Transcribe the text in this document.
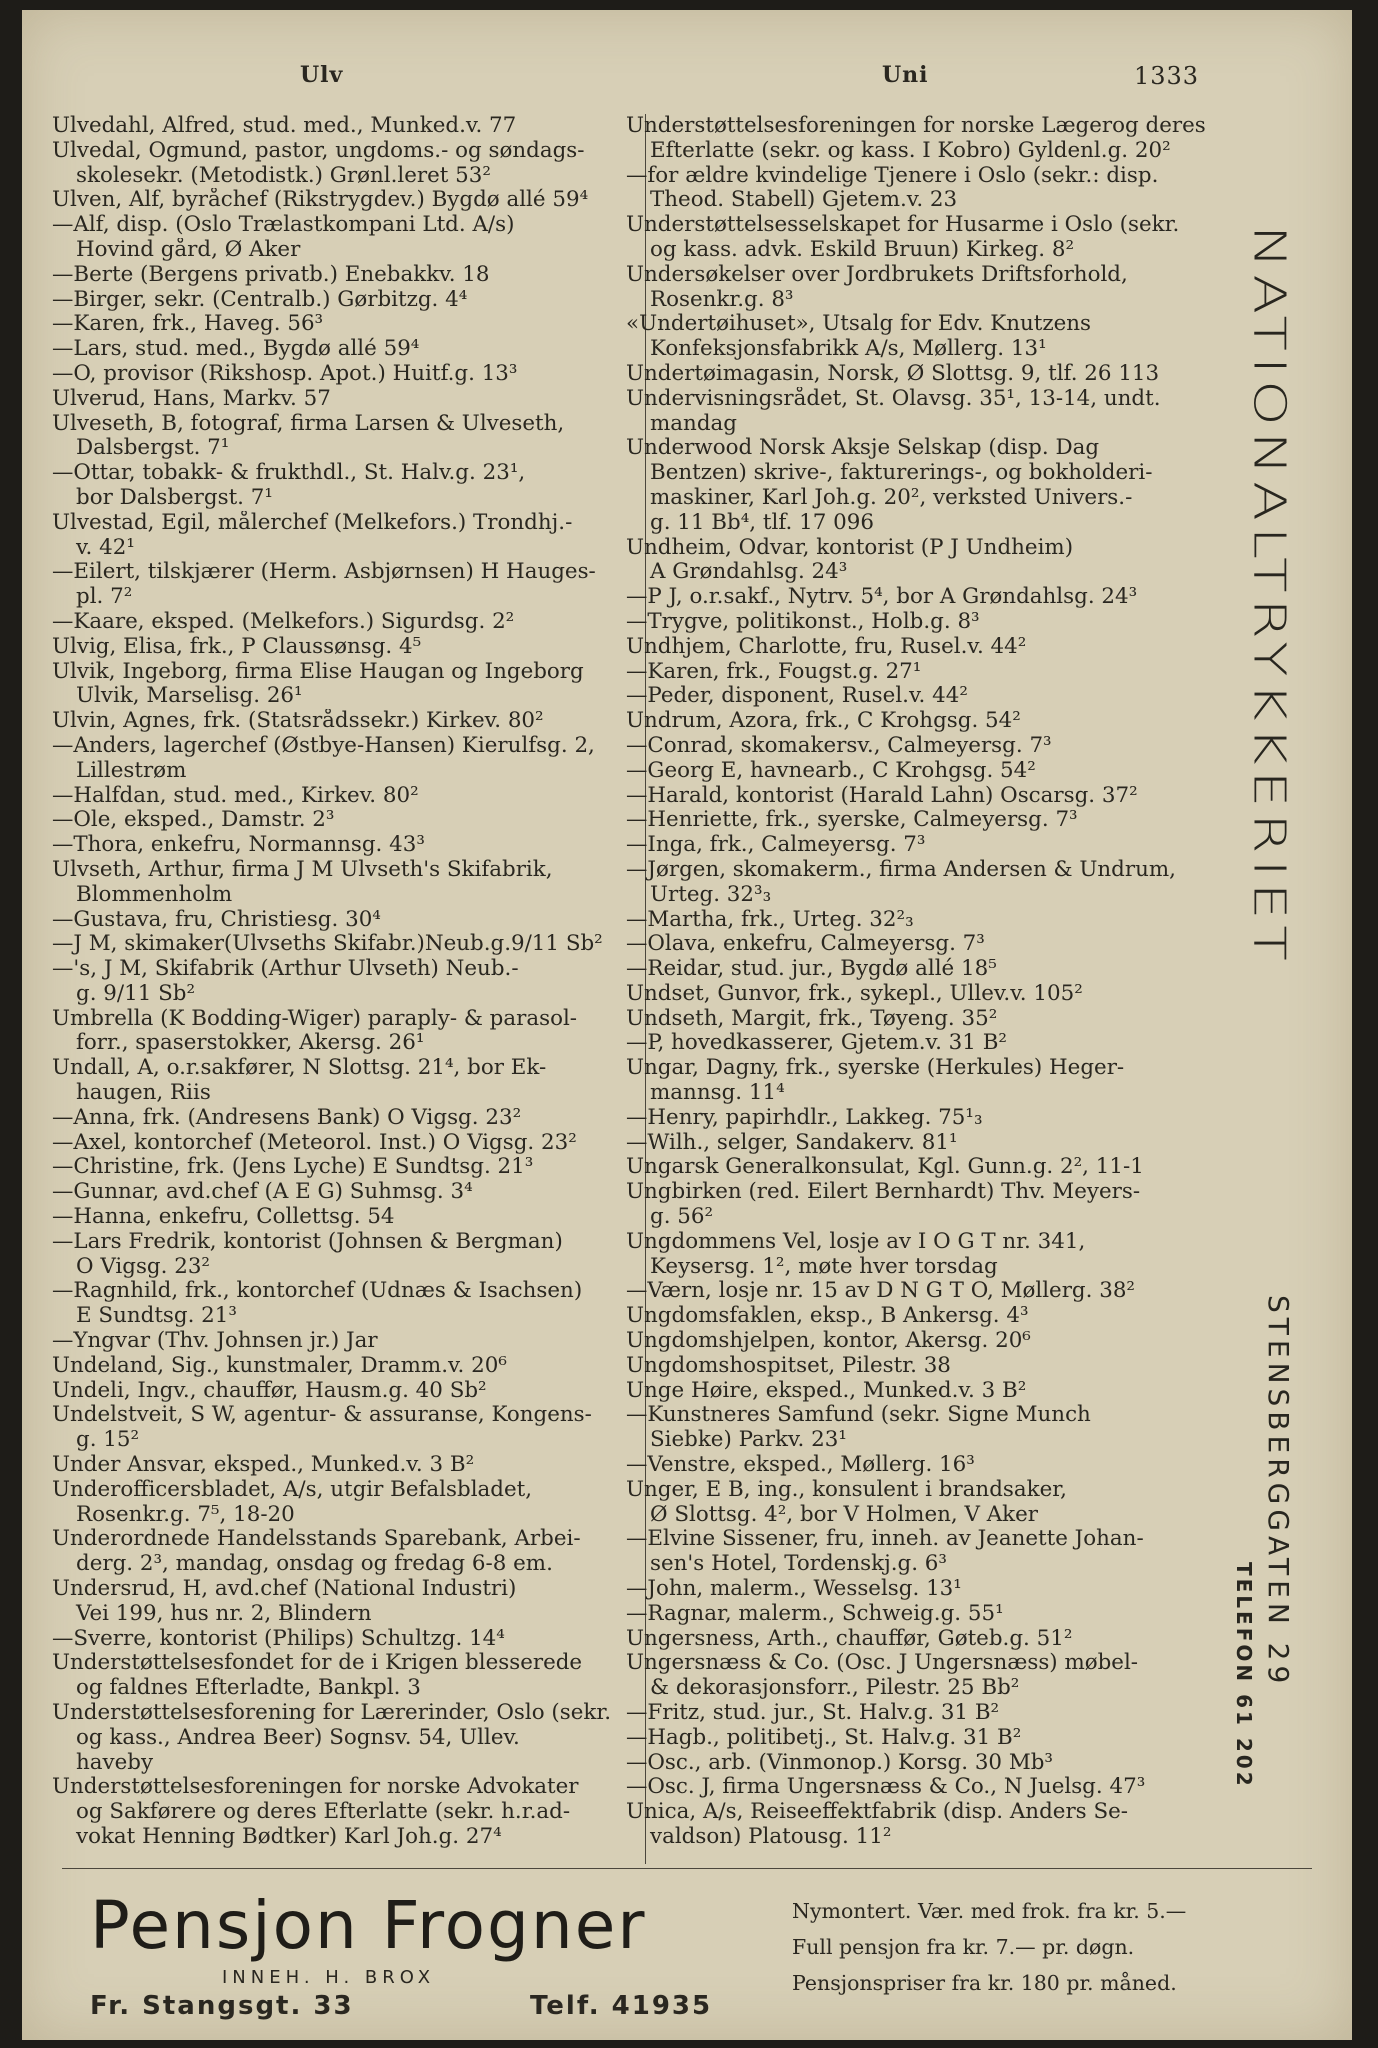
Ulv	Uni	1333
Ulvedahl, Alfred, stud. med., Munked.v. 77
Ulvedal, Ogmund, pastor, ungdoms.- og søndags-
skolesekr. (Metodistk.) Grønl.leret 53²
Ulven, Alf, byråchef (Rikstrygdev.) Bygdø allé 59⁴
—Alf, disp. (Oslo Trælastkompani Ltd. A/s)
Hovind gård, Ø Aker
—Berte (Bergens privatb.) Enebakkv. 18
—Birger, sekr. (Centralb.) Gørbitzg. 4⁴
—Karen, frk., Haveg. 56³
—Lars, stud. med., Bygdø allé 59⁴
—O, provisor (Rikshosp. Apot.) Huitf.g. 13³
Ulverud, Hans, Markv. 57
Ulveseth, B, fotograf, firma Larsen & Ulveseth,
Dalsbergst. 7¹
—Ottar, tobakk- & frukthdl., St. Halv.g. 23¹,
bor Dalsbergst. 7¹
Ulvestad, Egil, målerchef (Melkefors.) Trondhj.-
v. 42¹
—Eilert, tilskjærer (Herm. Asbjørnsen) H Hauges-
pl. 7²
—Kaare, eksped. (Melkefors.) Sigurdsg. 2²
Ulvig, Elisa, frk., P Claussønsg. 4⁵
Ulvik, Ingeborg, firma Elise Haugan og Ingeborg
Ulvik, Marselisg. 26¹
Ulvin, Agnes, frk. (Statsrådssekr.) Kirkev. 80²
—Anders, lagerchef (Østbye-Hansen) Kierulfsg. 2,
Lillestrøm
—Halfdan, stud. med., Kirkev. 80²
—Ole, eksped., Damstr. 2³
—Thora, enkefru, Normannsg. 43³
Ulvseth, Arthur, firma J M Ulvseth's Skifabrik,
Blommenholm
—Gustava, fru, Christiesg. 30⁴
—J M, skimaker(Ulvseths Skifabr.)Neub.g.9/11 Sb²
—'s, J M, Skifabrik (Arthur Ulvseth) Neub.-
g. 9/11 Sb²
Umbrella (K Bodding-Wiger) paraply- & parasol-
forr., spaserstokker, Akersg. 26¹
Undall, A, o.r.sakfører, N Slottsg. 21⁴, bor Ek-
haugen, Riis
—Anna, frk. (Andresens Bank) O Vigsg. 23²
—Axel, kontorchef (Meteorol. Inst.) O Vigsg. 23²
—Christine, frk. (Jens Lyche) E Sundtsg. 21³
—Gunnar, avd.chef (A E G) Suhmsg. 3⁴
—Hanna, enkefru, Collettsg. 54
—Lars Fredrik, kontorist (Johnsen & Bergman)
O Vigsg. 23²
—Ragnhild, frk., kontorchef (Udnæs & Isachsen)
E Sundtsg. 21³
—Yngvar (Thv. Johnsen jr.) Jar
Undeland, Sig., kunstmaler, Dramm.v. 20⁶
Undeli, Ingv., chauffør, Hausm.g. 40 Sb²
Undelstveit, S W, agentur- & assuranse, Kongens-
g. 15²
Under Ansvar, eksped., Munked.v. 3 B²
Underofficersbladet, A/s, utgir Befalsbladet,
Rosenkr.g. 7⁵, 18-20
Underordnede Handelsstands Sparebank, Arbei-
derg. 2³, mandag, onsdag og fredag 6-8 em.
Undersrud, H, avd.chef (National Industri)
Vei 199, hus nr. 2, Blindern
—Sverre, kontorist (Philips) Schultzg. 14⁴
Understøttelsesfondet for de i Krigen blesserede
og faldnes Efterladte, Bankpl. 3
Understøttelsesforening for Lærerinder, Oslo (sekr.
og kass., Andrea Beer) Sognsv. 54, Ullev.
haveby
Understøttelsesforeningen for norske Advokater
og Sakførere og deres Efterlatte (sekr. h.r.ad-
vokat Henning Bødtker) Karl Joh.g. 27⁴
Understøttelsesforeningen for norske Lægerog deres
Efterlatte (sekr. og kass. I Kobro) Gyldenl.g. 20²
—for ældre kvindelige Tjenere i Oslo (sekr.: disp.
Theod. Stabell) Gjetem.v. 23
Understøttelsesselskapet for Husarme i Oslo (sekr.
og kass. advk. Eskild Bruun) Kirkeg. 8²
Undersøkelser over Jordbrukets Driftsforhold,
Rosenkr.g. 8³
«Undertøihuset», Utsalg for Edv. Knutzens
Konfeksjonsfabrikk A/s, Møllerg. 13¹
Undertøimagasin, Norsk, Ø Slottsg. 9, tlf. 26 113
Undervisningsrådet, St. Olavsg. 35¹, 13-14, undt.
mandag
Underwood Norsk Aksje Selskap (disp. Dag
Bentzen) skrive-, fakturerings-, og bokholderi-
maskiner, Karl Joh.g. 20², verksted Univers.-
g. 11 Bb⁴, tlf. 17 096
Undheim, Odvar, kontorist (P J Undheim)
A Grøndahlsg. 24³
—P J, o.r.sakf., Nytrv. 5⁴, bor A Grøndahlsg. 24³
—Trygve, politikonst., Holb.g. 8³
Undhjem, Charlotte, fru, Rusel.v. 44²
—Karen, frk., Fougst.g. 27¹
—Peder, disponent, Rusel.v. 44²
Undrum, Azora, frk., C Krohgsg. 54²
—Conrad, skomakersv., Calmeyersg. 7³
—Georg E, havnearb., C Krohgsg. 54²
—Harald, kontorist (Harald Lahn) Oscarsg. 37²
—Henriette, frk., syerske, Calmeyersg. 7³
—Inga, frk., Calmeyersg. 7³
—Jørgen, skomakerm., firma Andersen & Undrum,
Urteg. 32³₃
—Martha, frk., Urteg. 32²₃
—Olava, enkefru, Calmeyersg. 7³
—Reidar, stud. jur., Bygdø allé 18⁵
Undset, Gunvor, frk., sykepl., Ullev.v. 105²
Undseth, Margit, frk., Tøyeng. 35²
—P, hovedkasserer, Gjetem.v. 31 B²
Ungar, Dagny, frk., syerske (Herkules) Heger-
mannsg. 11⁴
—Henry, papirhdlr., Lakkeg. 75¹₃
—Wilh., selger, Sandakerv. 81¹
Ungarsk Generalkonsulat, Kgl. Gunn.g. 2², 11-1
Ungbirken (red. Eilert Bernhardt) Thv. Meyers-
g. 56²
Ungdommens Vel, losje av I O G T nr. 341,
Keysersg. 1², møte hver torsdag
—Værn, losje nr. 15 av D N G T O, Møllerg. 38²
Ungdomsfaklen, eksp., B Ankersg. 4³
Ungdomshjelpen, kontor, Akersg. 20⁶
Ungdomshospitset, Pilestr. 38
Unge Høire, eksped., Munked.v. 3 B²
—Kunstneres Samfund (sekr. Signe Munch
Siebke) Parkv. 23¹
—Venstre, eksped., Møllerg. 16³
Unger, E B, ing., konsulent i brandsaker,
Ø Slottsg. 4², bor V Holmen, V Aker
—Elvine Sissener, fru, inneh. av Jeanette Johan-
sen's Hotel, Tordenskj.g. 6³
—John, malerm., Wesselsg. 13¹
—Ragnar, malerm., Schweig.g. 55¹
Ungersness, Arth., chauffør, Gøteb.g. 51²
Ungersnæss & Co. (Osc. J Ungersnæss) møbel-
& dekorasjonsforr., Pilestr. 25 Bb²
—Fritz, stud. jur., St. Halv.g. 31 B²
—Hagb., politibetj., St. Halv.g. 31 B²
—Osc., arb. (Vinmonop.) Korsg. 30 Mb³
—Osc. J, firma Ungersnæss & Co., N Juelsg. 47³
Unica, A/s, Reiseeffektfabrik (disp. Anders Se-
valdson) Platousg. 11²
NATIONALTRYKKERIET
STENSBERGGATEN 29
TELEFON 61 202
Pensjon Frogner
INNEH. H. BROX
Fr. Stangsgt. 33	Telf. 41935
Nymontert. Vær. med frok. fra kr. 5.—
Full pensjon fra kr. 7.— pr. døgn.
Pensjonspriser fra kr. 180 pr. måned.
